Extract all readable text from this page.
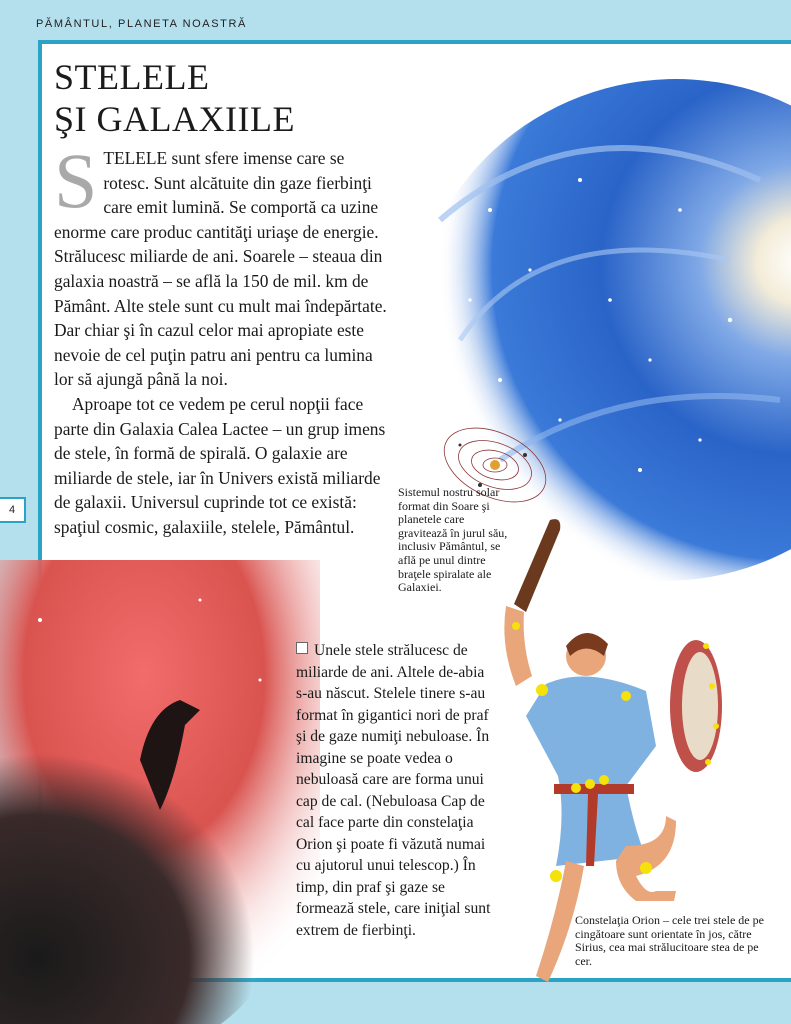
PĂMÂNTUL, PLANETA NOASTRĂ
4
STELELE
ŞI GALAXIILE

S TELELE sunt sfere imense care se rotesc. Sunt alcătuite din gaze fierbinţi care emit lumină. Se comportă ca uzine enorme care produc cantităţi uriaşe de energie. Strălucesc miliarde de ani. Soarele – steaua din galaxia noastră – se află la 150 de mil. km de Pământ. Alte stele sunt cu mult mai îndepărtate. Dar chiar şi în cazul celor mai apropiate este nevoie de cel puţin patru ani pentru ca lumina lor să ajungă până la noi.

Aproape tot ce vedem pe cerul nopţii face parte din Galaxia Calea Lactee – un grup imens de stele, în formă de spirală. O galaxie are miliarde de stele, iar în Univers există miliarde de galaxii. Universul cuprinde tot ce există: spaţiul cosmic, galaxiile, stelele, Pământul.

Sistemul nostru solar format din Soare şi planetele care gravitează în jurul său, inclusiv Pământul, se află pe unul dintre braţele spiralate ale Galaxiei.

Unele stele strălucesc de miliarde de ani. Altele de-abia s-au născut. Stelele tinere s-au format în gigantici nori de praf şi de gaze numiţi nebuloase. În imagine se poate vedea o nebuloasă care are forma unui cap de cal. (Nebuloasa Cap de cal face parte din constelaţia Orion şi poate fi văzută numai cu ajutorul unui telescop.) În timp, din praf şi gaze se formează stele, care iniţial sunt extrem de fierbinţi.

Constelaţia Orion – cele trei stele de pe cingătoare sunt orientate în jos, către Sirius, cea mai strălucitoare stea de pe cer.
